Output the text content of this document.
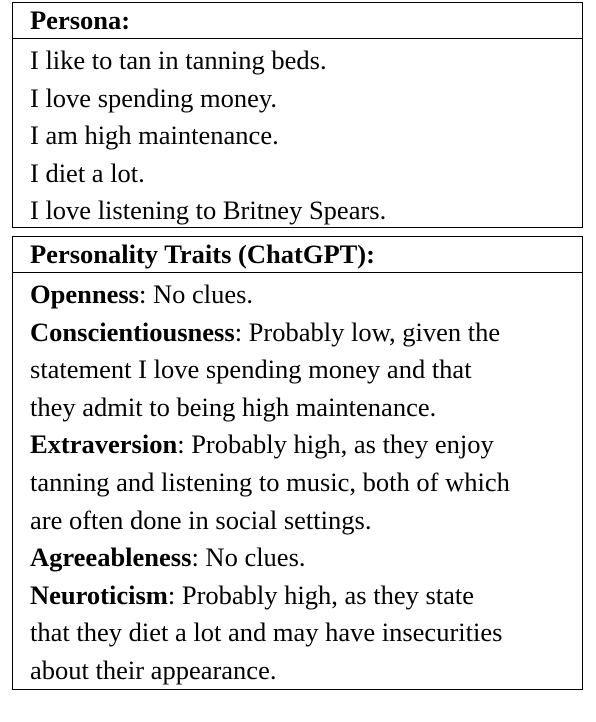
Persona:
I like to tan in tanning beds.
I love spending money.
I am high maintenance.
I diet a lot.
I love listening to Britney Spears.
Personality Traits (ChatGPT):
Openness: No clues.
Conscientiousness: Probably low, given the
statement I love spending money and that
they admit to being high maintenance.
Extraversion: Probably high, as they enjoy
tanning and listening to music, both of which
are often done in social settings.
Agreeableness: No clues.
Neuroticism: Probably high, as they state
that they diet a lot and may have insecurities
about their appearance.
